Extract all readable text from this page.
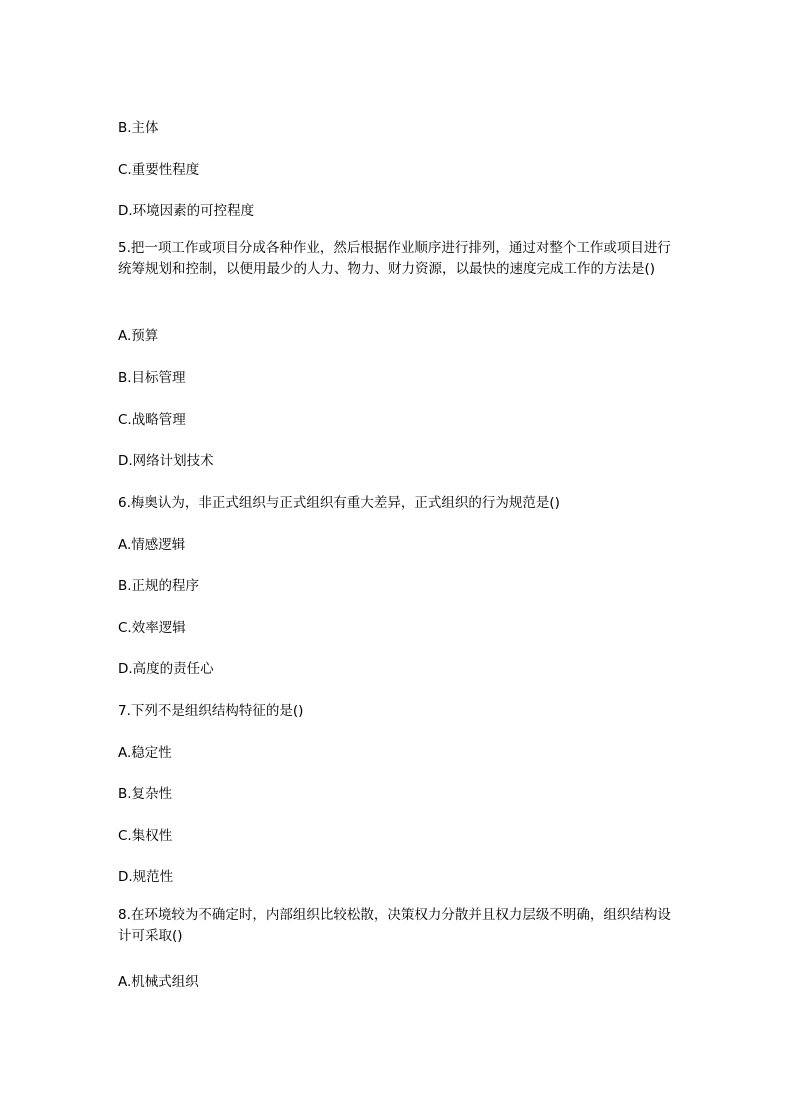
B.主体
C.重要性程度
D.环境因素的可控程度
5.把一项工作或项目分成各种作业，然后根据作业顺序进行排列，通过对整个工作或项目进行统筹规划和控制，以便用最少的人力、物力、财力资源，以最快的速度完成工作的方法是()
A.预算
B.目标管理
C.战略管理
D.网络计划技术
6.梅奥认为，非正式组织与正式组织有重大差异，正式组织的行为规范是()
A.情感逻辑
B.正规的程序
C.效率逻辑
D.高度的责任心
7.下列不是组织结构特征的是()
A.稳定性
B.复杂性
C.集权性
D.规范性
8.在环境较为不确定时，内部组织比较松散，决策权力分散并且权力层级不明确，组织结构设计可采取()
A.机械式组织
